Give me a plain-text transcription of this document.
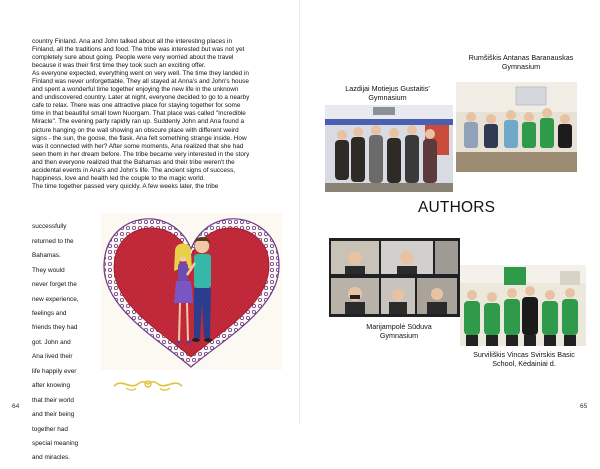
country Finland. Ana and John talked about all the interesting places in

Finland, all the traditions and food. The tribe was interested but was not yet

completely sure about going. People were very worried about the travel

because it was their first time they took such an exciting offer.

As everyone expected, everything went on very well. The time they landed in

Finland was never unforgettable. They all stayed at Anna's and John's house

and spent a wonderful time together enjoying the new life in the unknown

and undiscovered country. Later at night, everyone decided to go to a nearby

cafe to relax. There was one attractive place for staying together for some

time in that beautiful small town Nuorgam. That place was called "Incredible

Miracle". The evening party rapidly ran up. Suddenly John and Ana found a

picture hanging on the wall showing an obscure place with different weird

signs - the sun, the goose, the flask. Ana felt something strange inside. How

was it connected with her? After some moments, Ana realized that she had

seen them in her dream before. The tribe became very interested in the story

and then everyone realized that the Bahamas and their tribe weren't the

accidental events in Ana's and John's life. The ancient signs of success,

happiness, love and health led the couple to the magic world.

The time together passed very quickly. A few weeks later, the tribe

successfully

returned to the

Bahamas.

They would

never forget the

new experience,

feelings and

friends they had

got. John and

Ana lived their

life happily ever

after knowing

that their world

and their being

together had

special meaning

and miracles.

64
Lazdijai Motiejus Gustaitis'
Gymnasium
Rumšiškis Antanas Baranauskas
Gymnasium
AUTHORS
Marijampolė Sūduva
Gymnasium
Surviliškis Vincas Svirskis Basic
School, Kėdainiai d.
65
